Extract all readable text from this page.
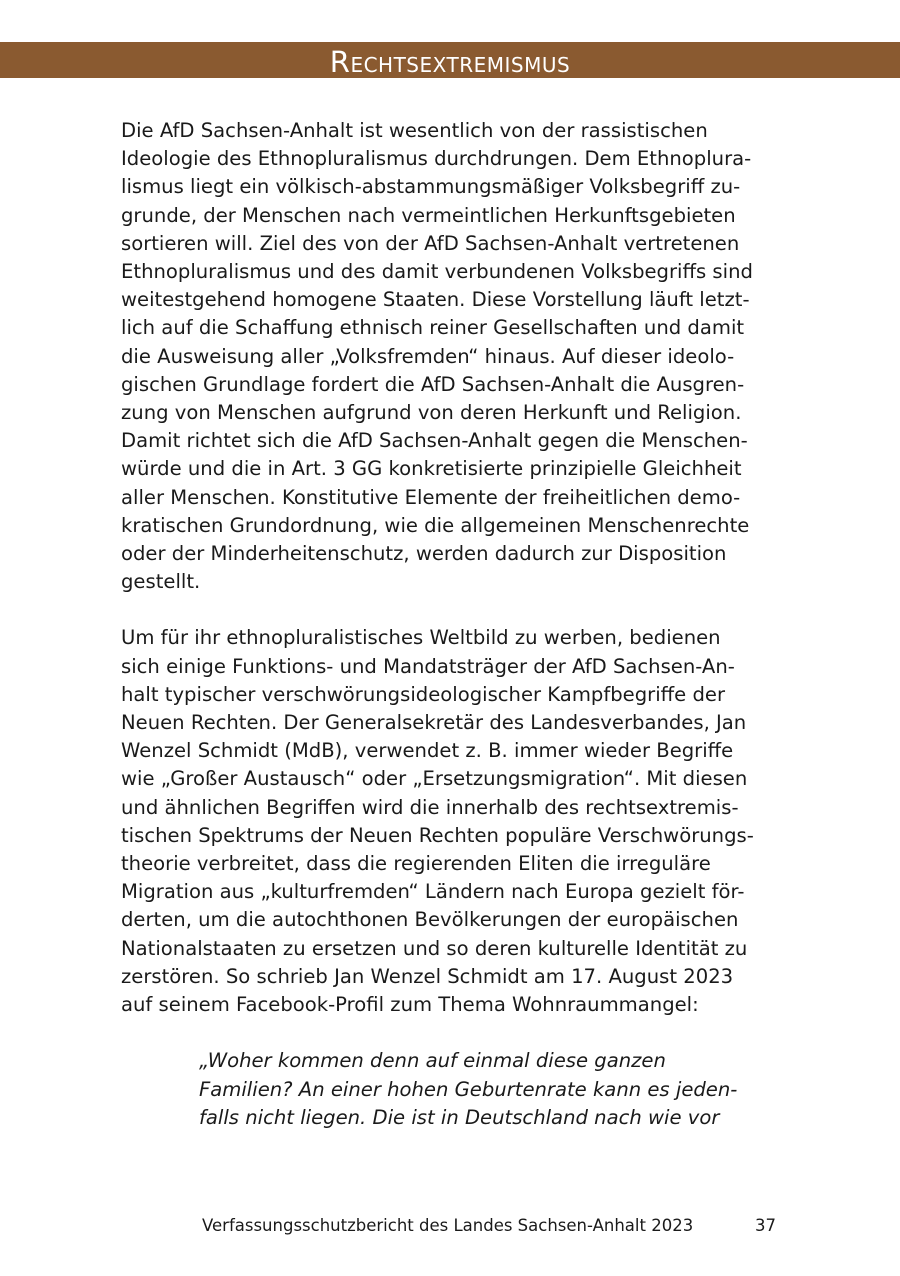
Rechtsextremismus

Die AfD Sachsen-Anhalt ist wesentlich von der rassistischen
Ideologie des Ethnopluralismus durchdrungen. Dem Ethnoplura-
lismus liegt ein völkisch-abstammungsmäßiger Volksbegriff zu-
grunde, der Menschen nach vermeintlichen Herkunftsgebieten
sortieren will. Ziel des von der AfD Sachsen-Anhalt vertretenen
Ethnopluralismus und des damit verbundenen Volksbegriffs sind
weitestgehend homogene Staaten. Diese Vorstellung läuft letzt-
lich auf die Schaffung ethnisch reiner Gesellschaften und damit
die Ausweisung aller „Volksfremden“ hinaus. Auf dieser ideolo-
gischen Grundlage fordert die AfD Sachsen-Anhalt die Ausgren-
zung von Menschen aufgrund von deren Herkunft und Religion.
Damit richtet sich die AfD Sachsen-Anhalt gegen die Menschen-
würde und die in Art. 3 GG konkretisierte prinzipielle Gleichheit
aller Menschen. Konstitutive Elemente der freiheitlichen demo-
kratischen Grundordnung, wie die allgemeinen Menschenrechte
oder der Minderheitenschutz, werden dadurch zur Disposition
gestellt.

Um für ihr ethnopluralistisches Weltbild zu werben, bedienen
sich einige Funktions- und Mandatsträger der AfD Sachsen-An-
halt typischer verschwörungsideologischer Kampfbegriffe der
Neuen Rechten. Der Generalsekretär des Landesverbandes, Jan
Wenzel Schmidt (MdB), verwendet z. B. immer wieder Begriffe
wie „Großer Austausch“ oder „Ersetzungsmigration“. Mit diesen
und ähnlichen Begriffen wird die innerhalb des rechtsextremis-
tischen Spektrums der Neuen Rechten populäre Verschwörungs-
theorie verbreitet, dass die regierenden Eliten die irreguläre
Migration aus „kulturfremden“ Ländern nach Europa gezielt för-
derten, um die autochthonen Bevölkerungen der europäischen
Nationalstaaten zu ersetzen und so deren kulturelle Identität zu
zerstören. So schrieb Jan Wenzel Schmidt am 17. August 2023
auf seinem Facebook-Profil zum Thema Wohnraummangel:

„Woher kommen denn auf einmal diese ganzen
Familien? An einer hohen Geburtenrate kann es jeden-
falls nicht liegen. Die ist in Deutschland nach wie vor

Verfassungsschutzbericht des Landes Sachsen-Anhalt 2023	37
